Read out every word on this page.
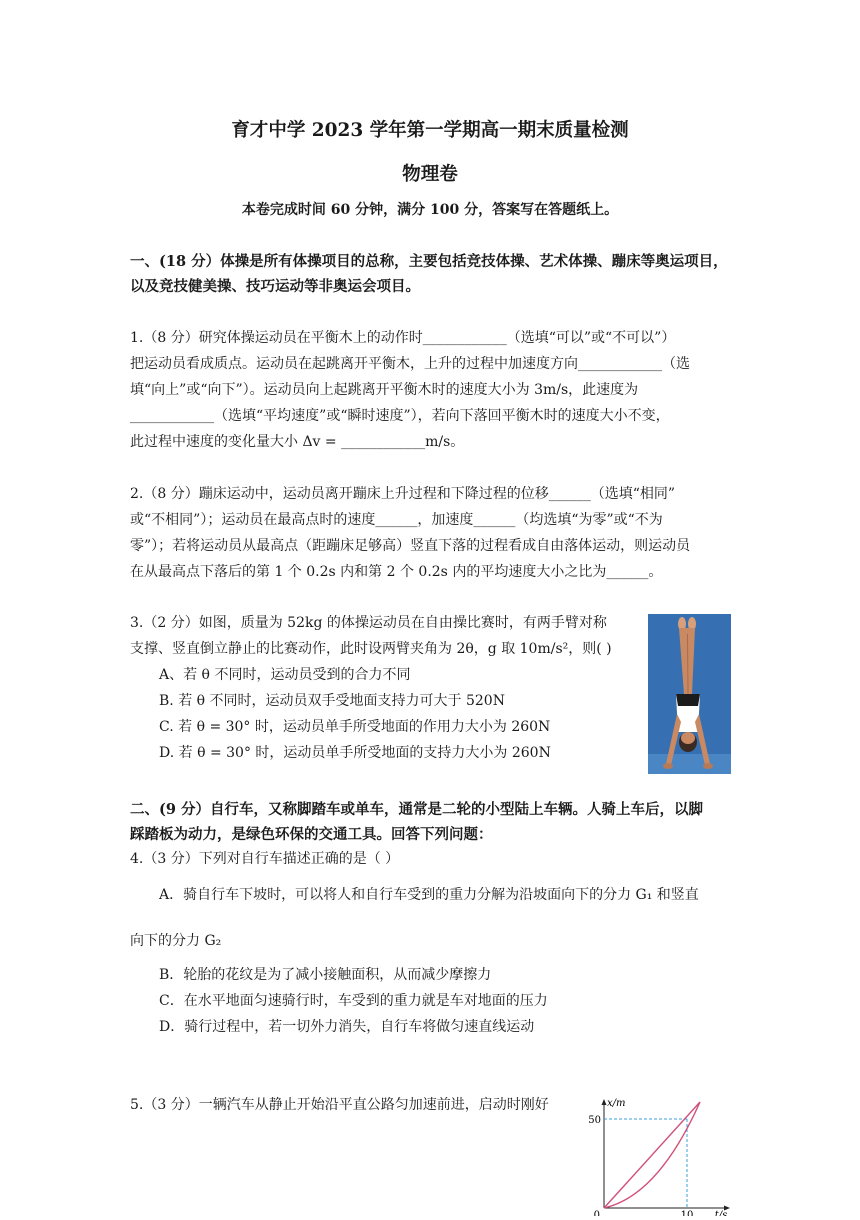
育才中学 2023 学年第一学期高一期末质量检测
物理卷
本卷完成时间 60 分钟，满分 100 分，答案写在答题纸上。
一、(18 分）体操是所有体操项目的总称，主要包括竞技体操、艺术体操、蹦床等奥运项目，
以及竞技健美操、技巧运动等非奥运会项目。
1.（8 分）研究体操运动员在平衡木上的动作时____________（选填“可以”或“不可以”）
把运动员看成质点。运动员在起跳离开平衡木，上升的过程中加速度方向____________（选
填“向上”或“向下”）。运动员向上起跳离开平衡木时的速度大小为 3m/s，此速度为
____________（选填“平均速度”或“瞬时速度”），若向下落回平衡木时的速度大小不变，
此过程中速度的变化量大小 Δv = ____________m/s。
2.（8 分）蹦床运动中，运动员离开蹦床上升过程和下降过程的位移______（选填“相同”
或“不相同”）；运动员在最高点时的速度______，加速度______（均选填“为零”或“不为
零”）；若将运动员从最高点（距蹦床足够高）竖直下落的过程看成自由落体运动，则运动员
在从最高点下落后的第 1 个 0.2s 内和第 2 个 0.2s 内的平均速度大小之比为______。
3.（2 分）如图，质量为 52kg 的体操运动员在自由操比赛时，有两手臂对称
支撑、竖直倒立静止的比赛动作，此时设两臂夹角为 2θ，g 取 10m/s²，则( )
A、若 θ 不同时，运动员受到的合力不同
B. 若 θ 不同时，运动员双手受地面支持力可大于 520N
C. 若 θ = 30° 时，运动员单手所受地面的作用力大小为 260N
D. 若 θ = 30° 时，运动员单手所受地面的支持力大小为 260N
二、(9 分）自行车，又称脚踏车或单车，通常是二轮的小型陆上车辆。人骑上车后，以脚
踩踏板为动力，是绿色环保的交通工具。回答下列问题：
4.（3 分）下列对自行车描述正确的是（ ）
A．骑自行车下坡时，可以将人和自行车受到的重力分解为沿坡面向下的分力 G₁ 和竖直
向下的分力 G₂
B．轮胎的花纹是为了减小接触面积，从而减少摩擦力
C．在水平地面匀速骑行时，车受到的重力就是车对地面的压力
D．骑行过程中，若一切外力消失，自行车将做匀速直线运动
5.（3 分）一辆汽车从静止开始沿平直公路匀加速前进，启动时刚好	x/m
t/s
50
10
0
